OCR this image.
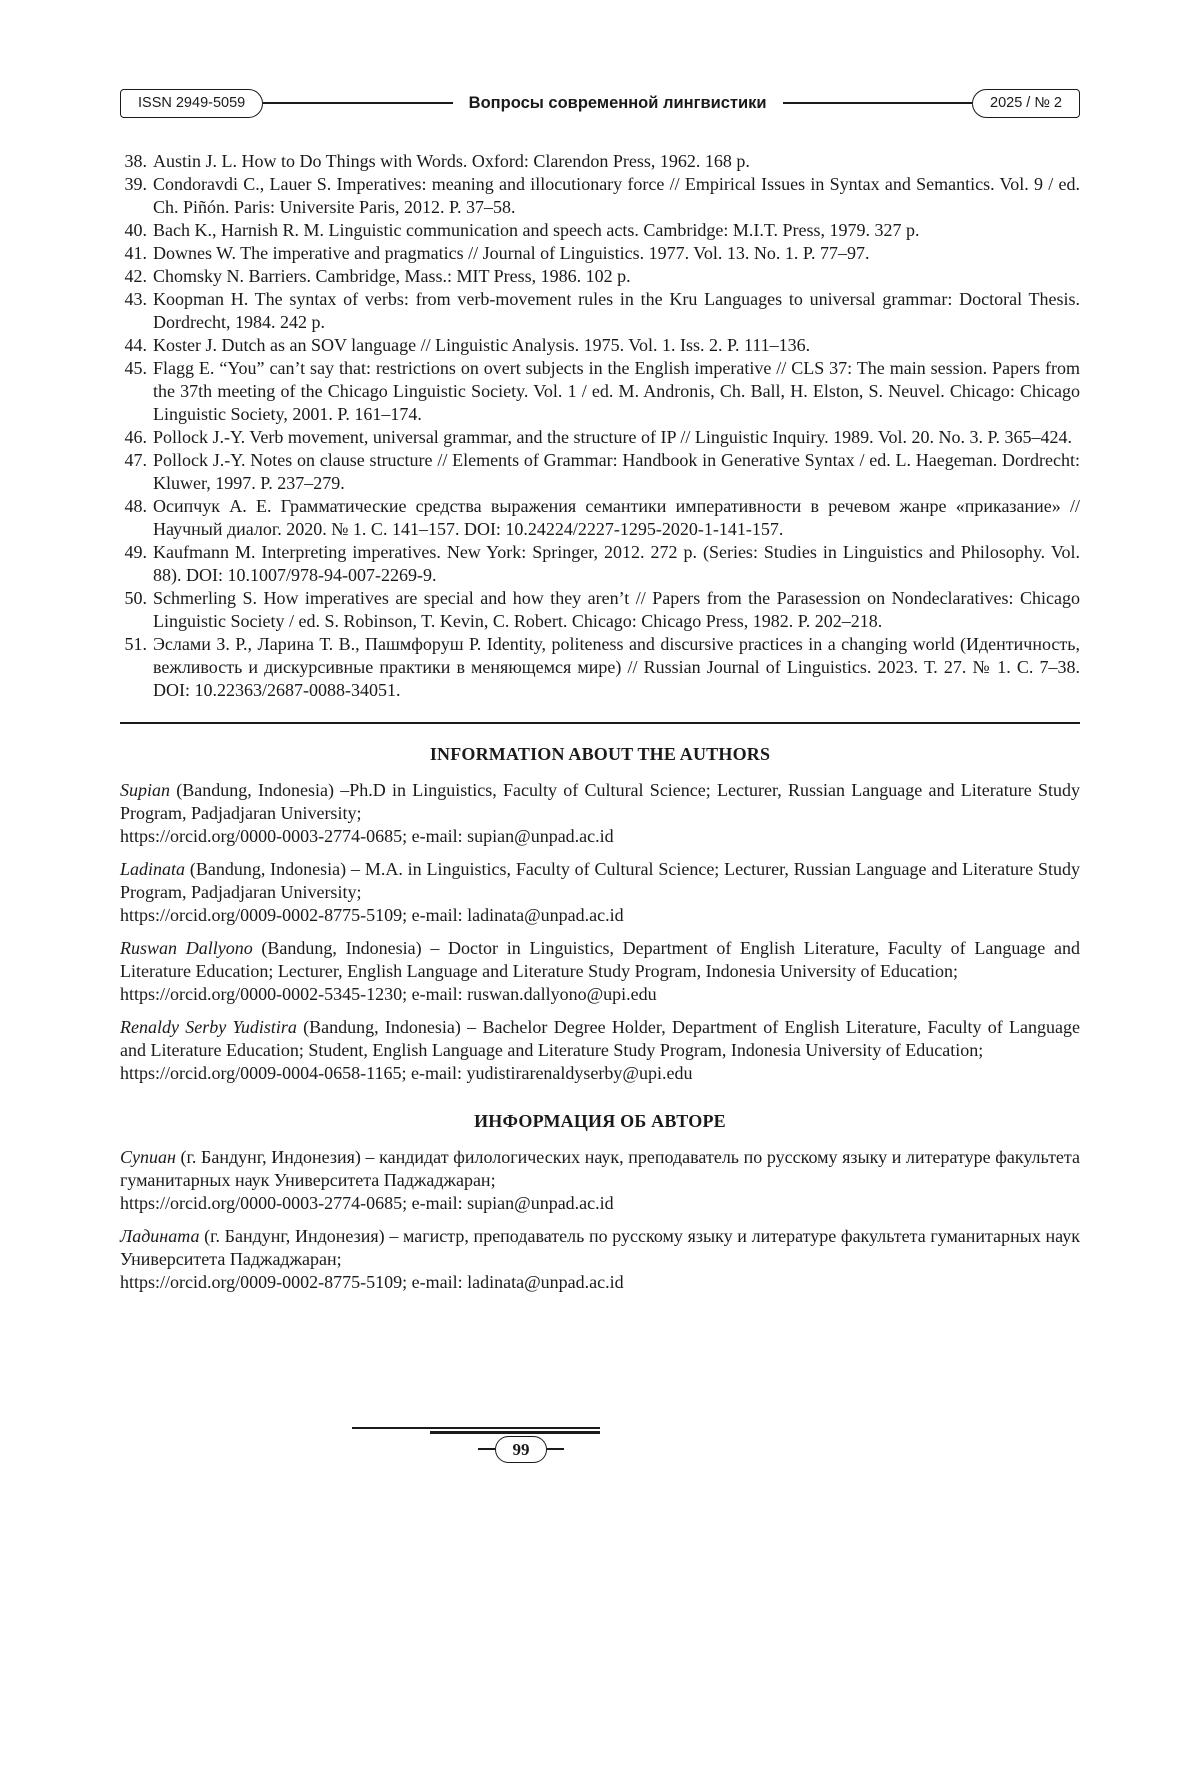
ISSN 2949-5059	Вопросы современной лингвистики	2025 / № 2
38. Austin J. L. How to Do Things with Words. Oxford: Clarendon Press, 1962. 168 p.
39. Condoravdi C., Lauer S. Imperatives: meaning and illocutionary force // Empirical Issues in Syntax and Semantics. Vol. 9 / ed. Ch. Piñón. Paris: Universite Paris, 2012. P. 37–58.
40. Bach K., Harnish R. M. Linguistic communication and speech acts. Cambridge: M.I.T. Press, 1979. 327 p.
41. Downes W. The imperative and pragmatics // Journal of Linguistics. 1977. Vol. 13. No. 1. P. 77–97.
42. Chomsky N. Barriers. Cambridge, Mass.: MIT Press, 1986. 102 p.
43. Koopman H. The syntax of verbs: from verb-movement rules in the Kru Languages to universal grammar: Doctoral Thesis. Dordrecht, 1984. 242 p.
44. Koster J. Dutch as an SOV language // Linguistic Analysis. 1975. Vol. 1. Iss. 2. P. 111–136.
45. Flagg E. “You” can’t say that: restrictions on overt subjects in the English imperative // CLS 37: The main session. Papers from the 37th meeting of the Chicago Linguistic Society. Vol. 1 / ed. M. Andronis, Ch. Ball, H. Elston, S. Neuvel. Chicago: Chicago Linguistic Society, 2001. P. 161–174.
46. Pollock J.-Y. Verb movement, universal grammar, and the structure of IP // Linguistic Inquiry. 1989. Vol. 20. No. 3. P. 365–424.
47. Pollock J.-Y. Notes on clause structure // Elements of Grammar: Handbook in Generative Syntax / ed. L. Haegeman. Dordrecht: Kluwer, 1997. P. 237–279.
48. Осипчук А. Е. Грамматические средства выражения семантики императивности в речевом жанре «приказание» // Научный диалог. 2020. № 1. С. 141–157. DOI: 10.24224/2227-1295-2020-1-141-157.
49. Kaufmann M. Interpreting imperatives. New York: Springer, 2012. 272 p. (Series: Studies in Linguistics and Philosophy. Vol. 88). DOI: 10.1007/978-94-007-2269-9.
50. Schmerling S. How imperatives are special and how they aren’t // Papers from the Parasession on Nondeclaratives: Chicago Linguistic Society / ed. S. Robinson, T. Kevin, C. Robert. Chicago: Chicago Press, 1982. P. 202–218.
51. Эслами З. Р., Ларина Т. В., Пашмфоруш Р. Identity, politeness and discursive practices in a changing world (Идентичность, вежливость и дискурсивные практики в меняющемся мире) // Russian Journal of Linguistics. 2023. Т. 27. № 1. С. 7–38. DOI: 10.22363/2687-0088-34051.
INFORMATION ABOUT THE AUTHORS

Supian (Bandung, Indonesia) –Ph.D in Linguistics, Faculty of Cultural Science; Lecturer, Russian Language and Literature Study Program, Padjadjaran University;
https://orcid.org/0000-0003-2774-0685; e-mail: supian@unpad.ac.id

Ladinata (Bandung, Indonesia) – M.A. in Linguistics, Faculty of Cultural Science; Lecturer, Russian Language and Literature Study Program, Padjadjaran University;
https://orcid.org/0009-0002-8775-5109; e-mail: ladinata@unpad.ac.id

Ruswan Dallyono (Bandung, Indonesia) – Doctor in Linguistics, Department of English Literature, Faculty of Language and Literature Education; Lecturer, English Language and Literature Study Program, Indonesia University of Education;
https://orcid.org/0000-0002-5345-1230; e-mail: ruswan.dallyono@upi.edu

Renaldy Serby Yudistira (Bandung, Indonesia) – Bachelor Degree Holder, Department of English Literature, Faculty of Language and Literature Education; Student, English Language and Literature Study Program, Indonesia University of Education;
https://orcid.org/0009-0004-0658-1165; e-mail: yudistirarenaldyserby@upi.edu

ИНФОРМАЦИЯ ОБ АВТОРЕ

Супиан (г. Бандунг, Индонезия) – кандидат филологических наук, преподаватель по русскому языку и литературе факультета гуманитарных наук Университета Паджаджаран;
https://orcid.org/0000-0003-2774-0685; e-mail: supian@unpad.ac.id

Ладината (г. Бандунг, Индонезия) – магистр, преподаватель по русскому языку и литературе факультета гуманитарных наук Университета Паджаджаран;
https://orcid.org/0009-0002-8775-5109; e-mail: ladinata@unpad.ac.id

99
